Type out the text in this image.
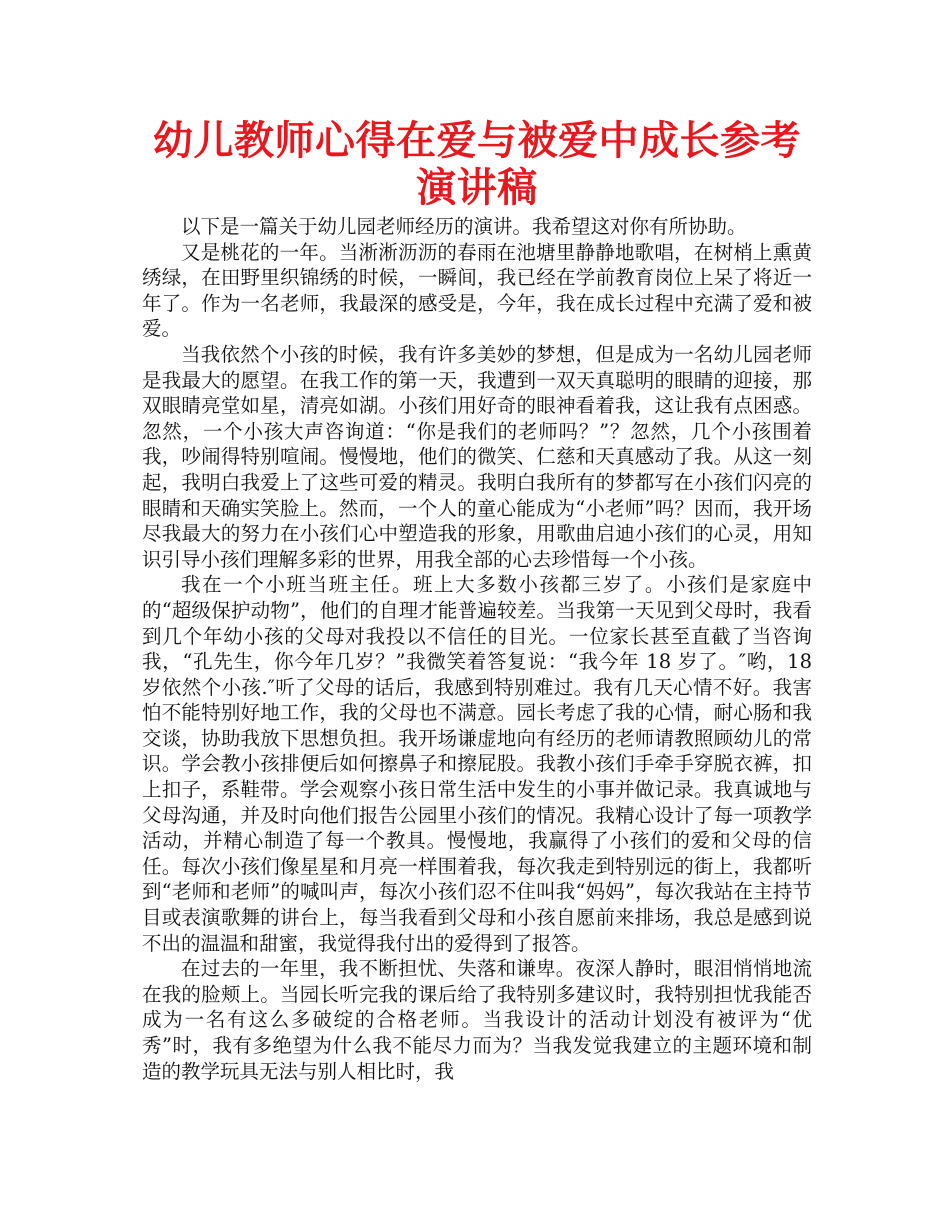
幼儿教师心得在爱与被爱中成长参考演讲稿

以下是一篇关于幼儿园老师经历的演讲。我希望这对你有所协助。

又是桃花的一年。当淅淅沥沥的春雨在池塘里静静地歌唱，在树梢上熏黄绣绿，在田野里织锦绣的时候，一瞬间，我已经在学前教育岗位上呆了将近一年了。作为一名老师，我最深的感受是，今年，我在成长过程中充满了爱和被爱。

当我依然个小孩的时候，我有许多美妙的梦想，但是成为一名幼儿园老师是我最大的愿望。在我工作的第一天，我遭到一双天真聪明的眼睛的迎接，那双眼睛亮堂如星，清亮如湖。小孩们用好奇的眼神看着我，这让我有点困惑。忽然，一个小孩大声咨询道：“你是我们的老师吗？”？忽然，几个小孩围着我，吵闹得特别喧闹。慢慢地，他们的微笑、仁慈和天真感动了我。从这一刻起，我明白我爱上了这些可爱的精灵。我明白我所有的梦都写在小孩们闪亮的眼睛和天确实笑脸上。然而，一个人的童心能成为“小老师”吗？因而，我开场尽我最大的努力在小孩们心中塑造我的形象，用歌曲启迪小孩们的心灵，用知识引导小孩们理解多彩的世界，用我全部的心去珍惜每一个小孩。

我在一个小班当班主任。班上大多数小孩都三岁了。小孩们是家庭中的“超级保护动物”，他们的自理才能普遍较差。当我第一天见到父母时，我看到几个年幼小孩的父母对我投以不信任的目光。一位家长甚至直截了当咨询我，“孔先生，你今年几岁？”我微笑着答复说：“我今年 18 岁了。″哟，18 岁依然个小孩.″听了父母的话后，我感到特别难过。我有几天心情不好。我害怕不能特别好地工作，我的父母也不满意。园长考虑了我的心情，耐心肠和我交谈，协助我放下思想负担。我开场谦虚地向有经历的老师请教照顾幼儿的常识。学会教小孩排便后如何擦鼻子和擦屁股。我教小孩们手牵手穿脱衣裤，扣上扣子，系鞋带。学会观察小孩日常生活中发生的小事并做记录。我真诚地与父母沟通，并及时向他们报告公园里小孩们的情况。我精心设计了每一项教学活动，并精心制造了每一个教具。慢慢地，我赢得了小孩们的爱和父母的信任。每次小孩们像星星和月亮一样围着我，每次我走到特别远的街上，我都听到“老师和老师”的喊叫声，每次小孩们忍不住叫我“妈妈”，每次我站在主持节目或表演歌舞的讲台上，每当我看到父母和小孩自愿前来排场，我总是感到说不出的温温和甜蜜，我觉得我付出的爱得到了报答。

在过去的一年里，我不断担忧、失落和谦卑。夜深人静时，眼泪悄悄地流在我的脸颊上。当园长听完我的课后给了我特别多建议时，我特别担忧我能否成为一名有这么多破绽的合格老师。当我设计的活动计划没有被评为“优秀”时，我有多绝望为什么我不能尽力而为？当我发觉我建立的主题环境和制造的教学玩具无法与别人相比时，我
